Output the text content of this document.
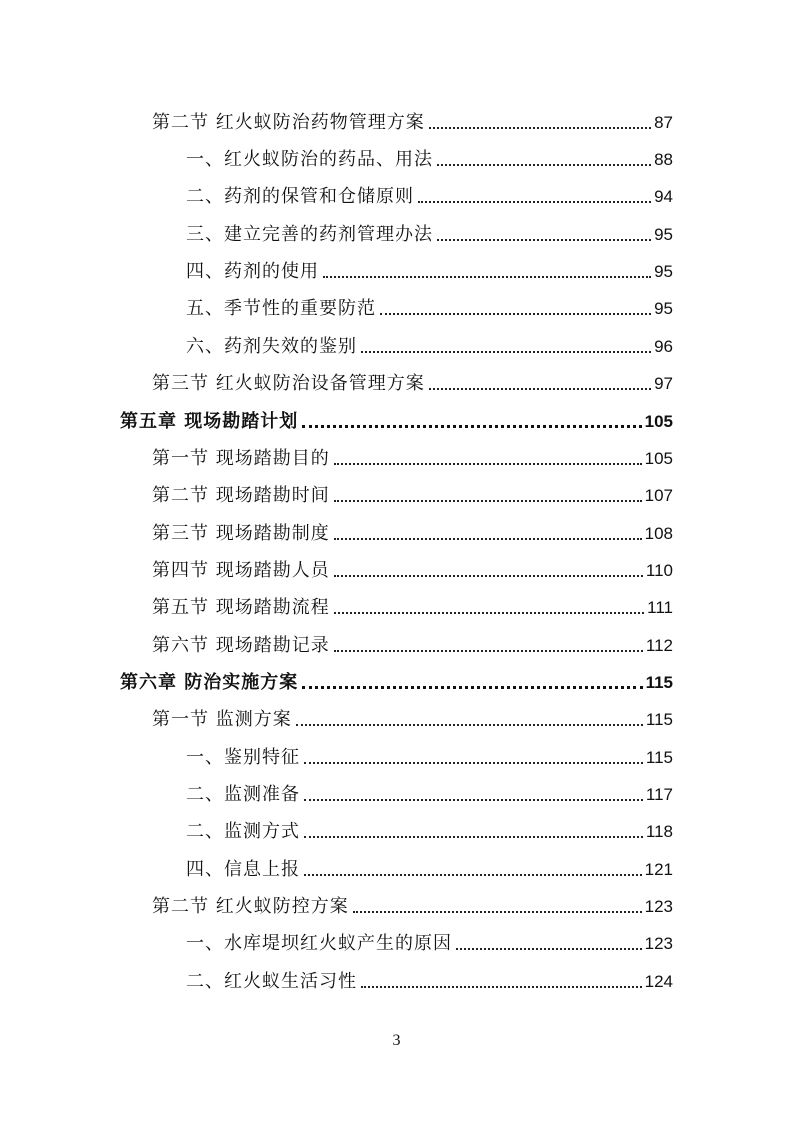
第二节 红火蚁防治药物管理方案	87
一、红火蚁防治的药品、用法	88
二、药剂的保管和仓储原则	94
三、建立完善的药剂管理办法	95
四、药剂的使用	95
五、季节性的重要防范	95
六、药剂失效的鉴别	96
第三节 红火蚁防治设备管理方案	97
第五章 现场勘踏计划	105
第一节 现场踏勘目的	105
第二节 现场踏勘时间	107
第三节 现场踏勘制度	108
第四节 现场踏勘人员	110
第五节 现场踏勘流程	111
第六节 现场踏勘记录	112
第六章 防治实施方案	115
第一节 监测方案	115
一、鉴别特征	115
二、监测准备	117
二、监测方式	118
四、信息上报	121
第二节 红火蚁防控方案	123
一、水库堤坝红火蚁产生的原因	123
二、红火蚁生活习性	124
3
